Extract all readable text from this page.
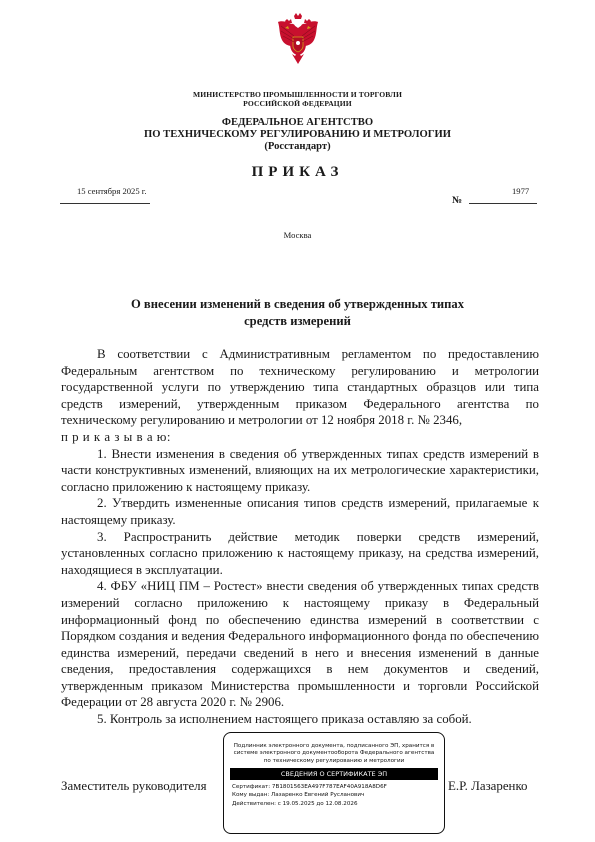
МИНИСТЕРСТВО ПРОМЫШЛЕННОСТИ И ТОРГОВЛИ
РОССИЙСКОЙ ФЕДЕРАЦИИ
ФЕДЕРАЛЬНОЕ АГЕНТСТВО
ПО ТЕХНИЧЕСКОМУ РЕГУЛИРОВАНИЮ И МЕТРОЛОГИИ
(Росстандарт)
ПРИКАЗ
15 сентября 2025 г.	1977
№
Москва
О внесении изменений в сведения об утвержденных типах
средств измерений

В соответствии с Административным регламентом по предоставлению Федеральным агентством по техническому регулированию и метрологии государственной услуги по утверждению типа стандартных образцов или типа средств измерений, утвержденным приказом Федерального агентства по техническому регулированию и метрологии от 12 ноября 2018 г. № 2346,

п р и к а з ы в а ю:

1. Внести изменения в сведения об утвержденных типах средств измерений в части конструктивных изменений, влияющих на их метрологические характеристики, согласно приложению к настоящему приказу.

2. Утвердить измененные описания типов средств измерений, прилагаемые к настоящему приказу.

3. Распространить действие методик поверки средств измерений, установленных согласно приложению к настоящему приказу, на средства измерений, находящиеся в эксплуатации.

4. ФБУ «НИЦ ПМ – Ростест» внести сведения об утвержденных типах средств измерений согласно приложению к настоящему приказу в Федеральный информационный фонд по обеспечению единства измерений в соответствии с Порядком создания и ведения Федерального информационного фонда по обеспечению единства измерений, передачи сведений в него и внесения изменений в данные сведения, предоставления содержащихся в нем документов и сведений, утвержденным приказом Министерства промышленности и торговли Российской Федерации от 28 августа 2020 г. № 2906.

5. Контроль за исполнением настоящего приказа оставляю за собой.

Заместитель руководителя	Е.Р. Лазаренко
Подлинник электронного документа, подписанного ЭП, хранится в системе электронного документооборота Федерального агентства по техническому регулированию и метрологии
СВЕДЕНИЯ О СЕРТИФИКАТЕ ЭП
Сертификат: 7B1801563EA497F787EAF40A918A8D6F
Кому выдан: Лазаренко Евгений Русланович
Действителен: с 19.05.2025 до 12.08.2026
